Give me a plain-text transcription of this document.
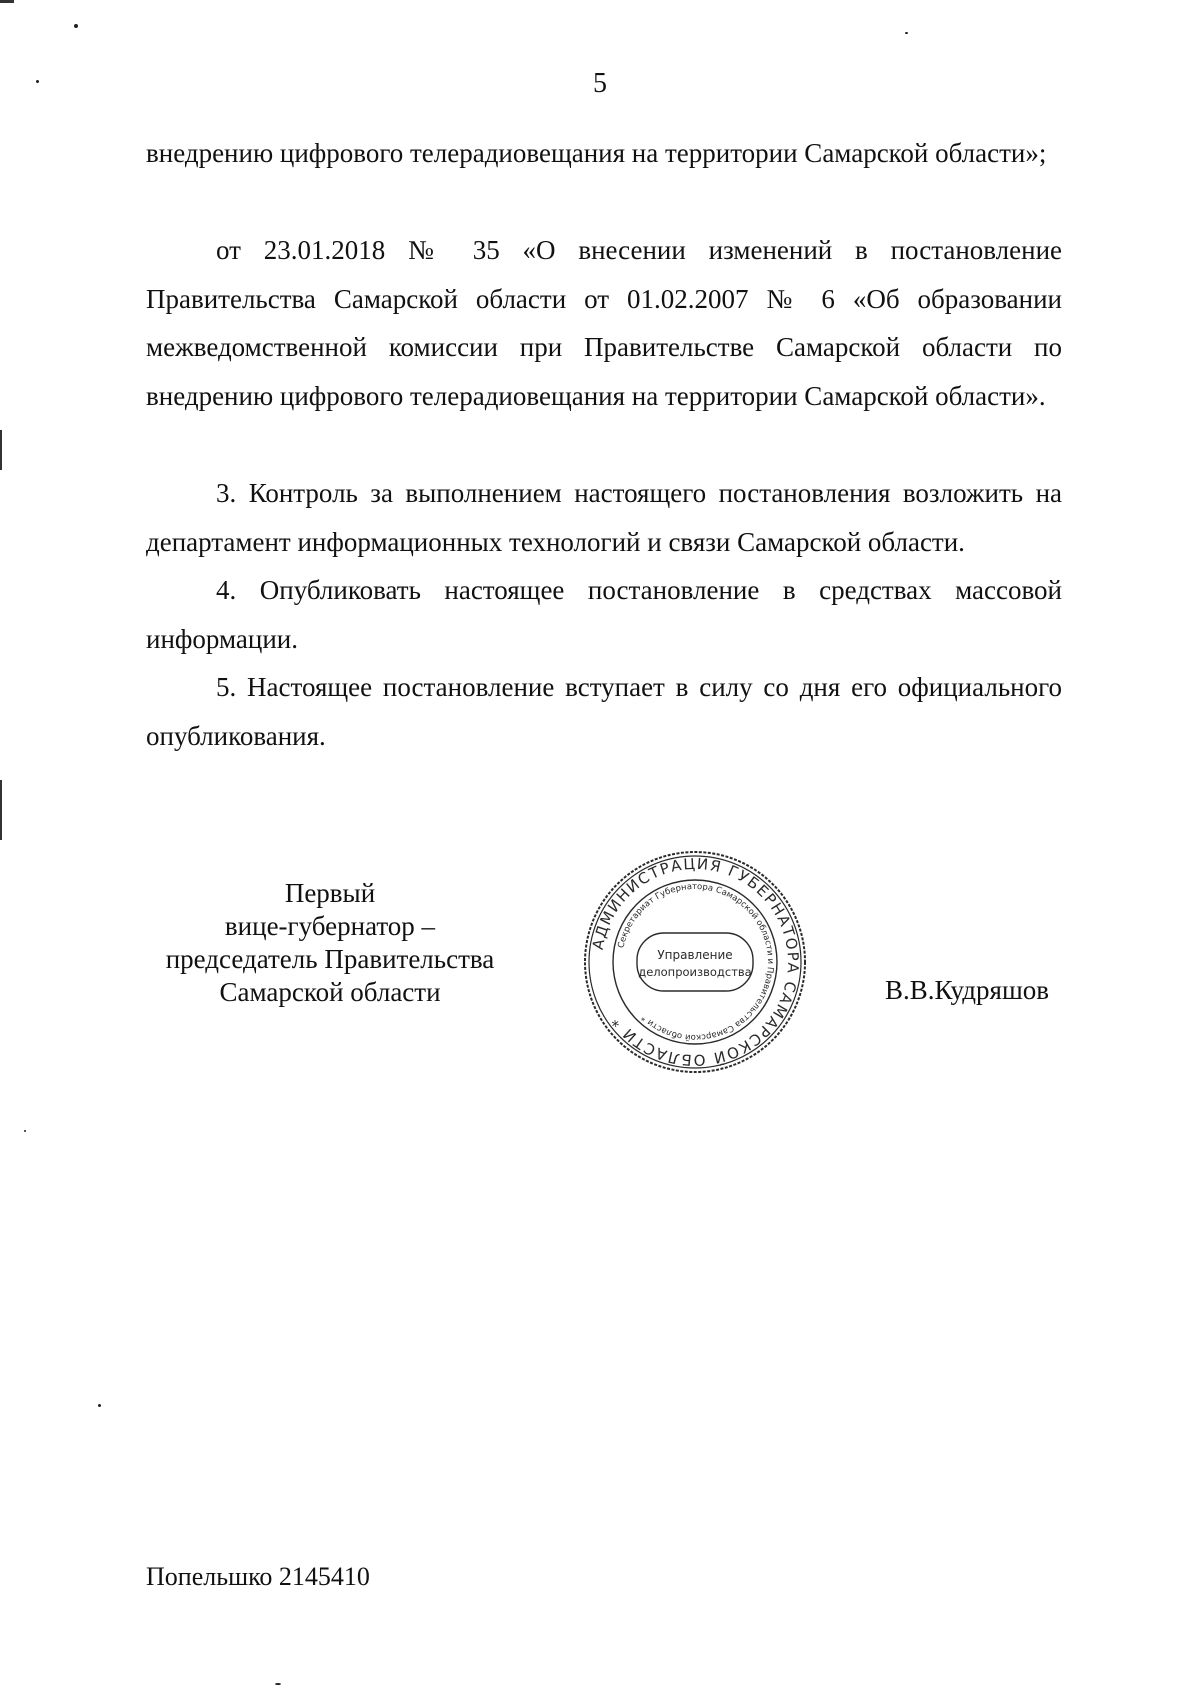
5

внедрению цифрового телерадиовещания на территории Самарской области»;

от 23.01.2018 № 35 «О внесении изменений в постановление Правительства Самарской области от 01.02.2007 № 6 «Об образовании межведомственной комиссии при Правительстве Самарской области по внедрению цифрового телерадиовещания на территории Самарской области».

3. Контроль за выполнением настоящего постановления возложить на департамент информационных технологий и связи Самарской области.

4. Опубликовать настоящее постановление в средствах массовой информации.

5. Настоящее постановление вступает в силу со дня его официального опубликования.

Первый
вице-губернатор –
председатель Правительства
Самарской области
АДМИНИСТРАЦИЯ ГУБЕРНАТОРА САМАРСКОЙ ОБЛАСТИ *
Секретариат Губернатора Самарской области и Правительства Самарской области *
Управление
делопроизводства
В.В.Кудряшов
Попельшко 2145410
